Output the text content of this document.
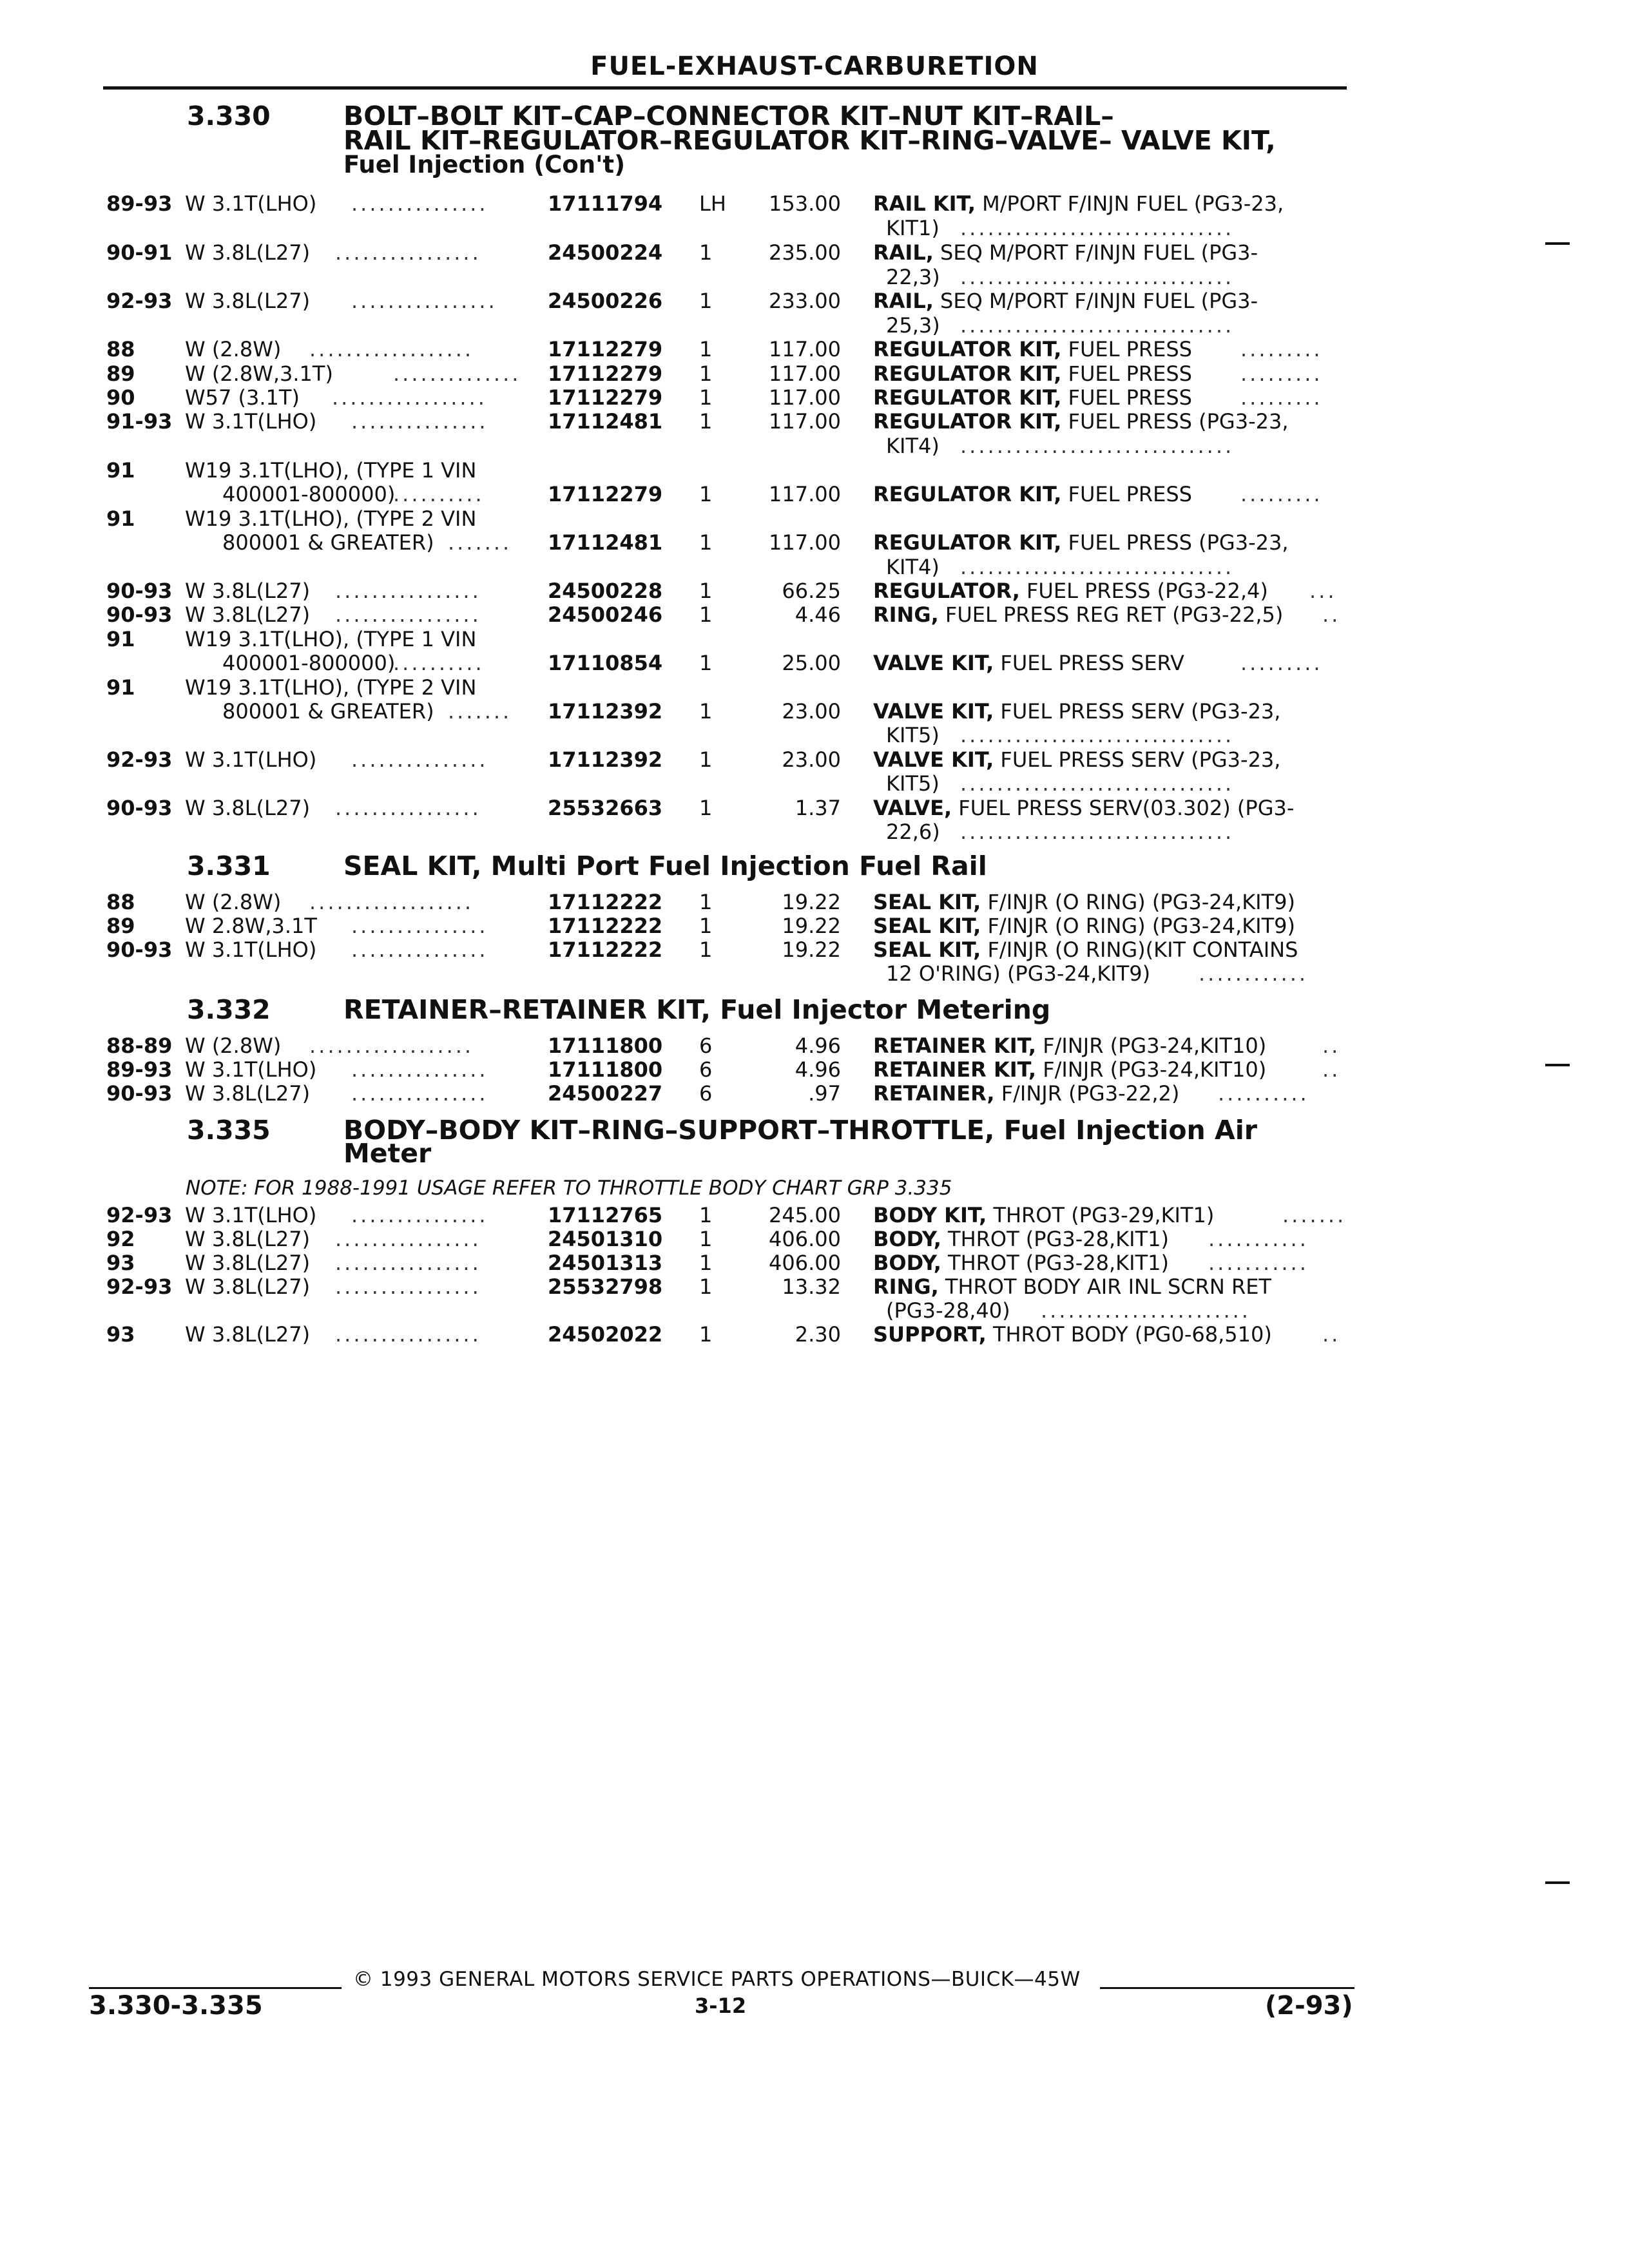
FUEL-EXHAUST-CARBURETION
3.330	BOLT–BOLT KIT–CAP–CONNECTOR KIT–NUT KIT–RAIL–
RAIL KIT–REGULATOR–REGULATOR KIT–RING–VALVE– VALVE KIT,
Fuel Injection (Con't)
89-93 W 3.1T(LHO) ...............	17111794 LH	153.00 RAIL KIT, M/PORT F/INJN FUEL (PG3-23,
KIT1) ..............................
90-91 W 3.8L(L27) ................	24500224 1	235.00 RAIL, SEQ M/PORT F/INJN FUEL (PG3-
22,3) ..............................
92-93 W 3.8L(L27) ................	24500226 1	233.00 RAIL, SEQ M/PORT F/INJN FUEL (PG3-
25,3) ..............................
88 W (2.8W) ..................	17112279 1	117.00 REGULATOR KIT, FUEL PRESS .........
89 W (2.8W,3.1T)	..............	17112279 1	117.00 REGULATOR KIT, FUEL PRESS .........
90 W57 (3.1T) .................	17112279 1	117.00 REGULATOR KIT, FUEL PRESS .........
91-93 W 3.1T(LHO) ...............	17112481 1	117.00 REGULATOR KIT, FUEL PRESS (PG3-23,
KIT4) ..............................
91 W19 3.1T(LHO), (TYPE 1 VIN
400001-800000)
..........	17112279 1	117.00 REGULATOR KIT, FUEL PRESS .........
91 W19 3.1T(LHO), (TYPE 2 VIN
800001 & GREATER) .......	17112481 1	117.00 REGULATOR KIT, FUEL PRESS (PG3-23,
KIT4) ..............................
90-93 W 3.8L(L27) ................	24500228 1	66.25 REGULATOR, FUEL PRESS (PG3-22,4) ...
90-93 W 3.8L(L27) ................	24500246 1	4.46 RING, FUEL PRESS REG RET (PG3-22,5) ..
91 W19 3.1T(LHO), (TYPE 1 VIN
400001-800000)
..........	17110854 1	25.00 VALVE KIT, FUEL PRESS SERV	.........
91 W19 3.1T(LHO), (TYPE 2 VIN
800001 & GREATER) .......	17112392 1	23.00 VALVE KIT, FUEL PRESS SERV (PG3-23,
KIT5) ..............................
92-93 W 3.1T(LHO) ...............	17112392 1	23.00 VALVE KIT, FUEL PRESS SERV (PG3-23,
KIT5) ..............................
90-93 W 3.8L(L27) ................	25532663 1	1.37 VALVE, FUEL PRESS SERV(03.302) (PG3-
22,6) ..............................
3.331	SEAL KIT, Multi Port Fuel Injection Fuel Rail
88 W (2.8W) ..................	17112222 1	19.22 SEAL KIT, F/INJR (O RING) (PG3-24,KIT9)
89 W 2.8W,3.1T ...............	17112222 1	19.22 SEAL KIT, F/INJR (O RING) (PG3-24,KIT9)
90-93 W 3.1T(LHO) ...............	17112222 1	19.22 SEAL KIT, F/INJR (O RING)(KIT CONTAINS
12 O'RING) (PG3-24,KIT9) ............
3.332	RETAINER–RETAINER KIT, Fuel Injector Metering
88-89 W (2.8W) ..................	17111800 6	4.96 RETAINER KIT, F/INJR (PG3-24,KIT10)	..
89-93 W 3.1T(LHO) ...............	17111800 6	4.96 RETAINER KIT, F/INJR (PG3-24,KIT10)	..
90-93 W 3.8L(L27) ...............	24500227 6	.97 RETAINER, F/INJR (PG3-22,2) ..........
3.335	BODY–BODY KIT–RING–SUPPORT–THROTTLE, Fuel Injection Air
Meter
NOTE: FOR 1988-1991 USAGE REFER TO THROTTLE BODY CHART GRP 3.335
92-93 W 3.1T(LHO) ...............	17112765 1	245.00 BODY KIT, THROT (PG3-29,KIT1)	.......
92 W 3.8L(L27) ................	24501310 1	406.00 BODY, THROT (PG3-28,KIT1) ...........
93 W 3.8L(L27) ................	24501313 1	406.00 BODY, THROT (PG3-28,KIT1) ...........
92-93 W 3.8L(L27) ................	25532798 1	13.32 RING, THROT BODY AIR INL SCRN RET
(PG3-28,40) .......................
93 W 3.8L(L27) ................	24502022 1	2.30 SUPPORT, THROT BODY (PG0-68,510) ..
© 1993 GENERAL MOTORS SERVICE PARTS OPERATIONS—BUICK—45W
3.330-3.335	3-12	(2-93)
